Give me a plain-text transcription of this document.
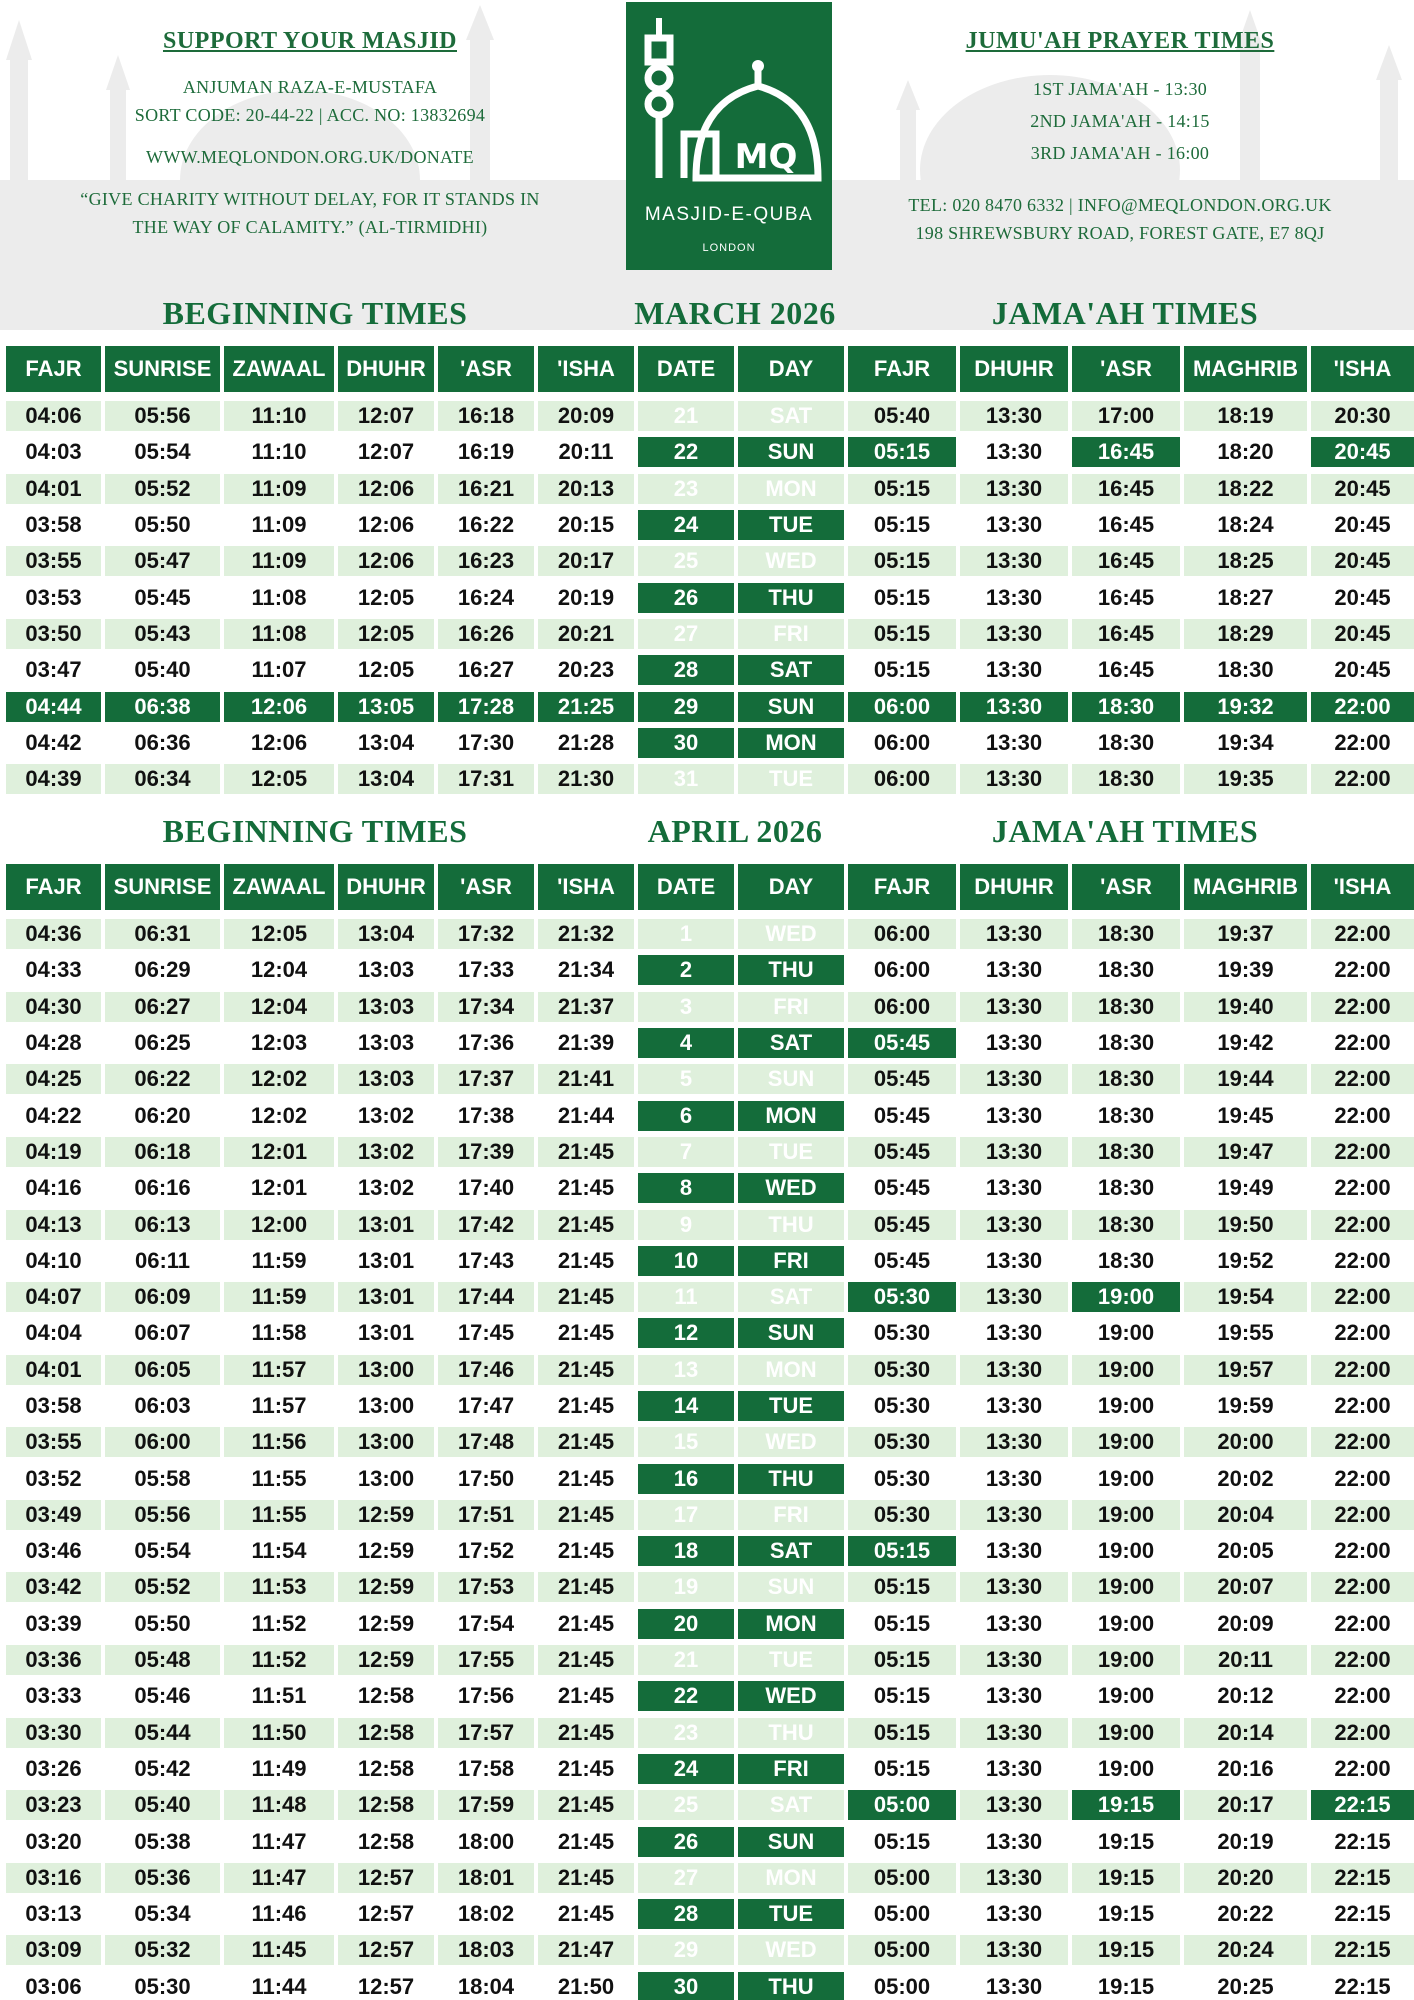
SUPPORT YOUR MASJID
ANJUMAN RAZA-E-MUSTAFA
SORT CODE: 20-44-22 | ACC. NO: 13832694
WWW.MEQLONDON.ORG.UK/DONATE
“GIVE CHARITY WITHOUT DELAY, FOR IT STANDS IN
THE WAY OF CALAMITY.” (AL-TIRMIDHI)
MQ
MASJID-E-QUBA
LONDON
JUMU'AH PRAYER TIMES
1ST JAMA'AH - 13:30
2ND JAMA'AH - 14:15
3RD JAMA'AH - 16:00
TEL: 020 8470 6332 | INFO@MEQLONDON.ORG.UK
198 SHREWSBURY ROAD, FOREST GATE, E7 8QJ
BEGINNING TIMES	MARCH 2026	JAMA'AH TIMES
FAJR	SUNRISE	ZAWAAL	DHUHR	'ASR	'ISHA	DATE	DAY	FAJR	DHUHR	'ASR	MAGHRIB	'ISHA

04:06	05:56	11:10	12:07	16:18	20:09	21	SAT	05:40	13:30	17:00	18:19	20:30

04:03	05:54	11:10	12:07	16:19	20:11	22	SUN	05:15	13:30	16:45	18:20	20:45

04:01	05:52	11:09	12:06	16:21	20:13	23	MON	05:15	13:30	16:45	18:22	20:45

03:58	05:50	11:09	12:06	16:22	20:15	24	TUE	05:15	13:30	16:45	18:24	20:45

03:55	05:47	11:09	12:06	16:23	20:17	25	WED	05:15	13:30	16:45	18:25	20:45

03:53	05:45	11:08	12:05	16:24	20:19	26	THU	05:15	13:30	16:45	18:27	20:45

03:50	05:43	11:08	12:05	16:26	20:21	27	FRI	05:15	13:30	16:45	18:29	20:45

03:47	05:40	11:07	12:05	16:27	20:23	28	SAT	05:15	13:30	16:45	18:30	20:45

04:44	06:38	12:06	13:05	17:28	21:25	29	SUN	06:00	13:30	18:30	19:32	22:00

04:42	06:36	12:06	13:04	17:30	21:28	30	MON	06:00	13:30	18:30	19:34	22:00

04:39	06:34	12:05	13:04	17:31	21:30	31	TUE	06:00	13:30	18:30	19:35	22:00
BEGINNING TIMES	APRIL 2026	JAMA'AH TIMES
FAJR	SUNRISE	ZAWAAL	DHUHR	'ASR	'ISHA	DATE	DAY	FAJR	DHUHR	'ASR	MAGHRIB	'ISHA

04:36	06:31	12:05	13:04	17:32	21:32	1	WED	06:00	13:30	18:30	19:37	22:00

04:33	06:29	12:04	13:03	17:33	21:34	2	THU	06:00	13:30	18:30	19:39	22:00

04:30	06:27	12:04	13:03	17:34	21:37	3	FRI	06:00	13:30	18:30	19:40	22:00

04:28	06:25	12:03	13:03	17:36	21:39	4	SAT	05:45	13:30	18:30	19:42	22:00

04:25	06:22	12:02	13:03	17:37	21:41	5	SUN	05:45	13:30	18:30	19:44	22:00

04:22	06:20	12:02	13:02	17:38	21:44	6	MON	05:45	13:30	18:30	19:45	22:00

04:19	06:18	12:01	13:02	17:39	21:45	7	TUE	05:45	13:30	18:30	19:47	22:00

04:16	06:16	12:01	13:02	17:40	21:45	8	WED	05:45	13:30	18:30	19:49	22:00

04:13	06:13	12:00	13:01	17:42	21:45	9	THU	05:45	13:30	18:30	19:50	22:00

04:10	06:11	11:59	13:01	17:43	21:45	10	FRI	05:45	13:30	18:30	19:52	22:00

04:07	06:09	11:59	13:01	17:44	21:45	11	SAT	05:30	13:30	19:00	19:54	22:00

04:04	06:07	11:58	13:01	17:45	21:45	12	SUN	05:30	13:30	19:00	19:55	22:00

04:01	06:05	11:57	13:00	17:46	21:45	13	MON	05:30	13:30	19:00	19:57	22:00

03:58	06:03	11:57	13:00	17:47	21:45	14	TUE	05:30	13:30	19:00	19:59	22:00

03:55	06:00	11:56	13:00	17:48	21:45	15	WED	05:30	13:30	19:00	20:00	22:00

03:52	05:58	11:55	13:00	17:50	21:45	16	THU	05:30	13:30	19:00	20:02	22:00

03:49	05:56	11:55	12:59	17:51	21:45	17	FRI	05:30	13:30	19:00	20:04	22:00

03:46	05:54	11:54	12:59	17:52	21:45	18	SAT	05:15	13:30	19:00	20:05	22:00

03:42	05:52	11:53	12:59	17:53	21:45	19	SUN	05:15	13:30	19:00	20:07	22:00

03:39	05:50	11:52	12:59	17:54	21:45	20	MON	05:15	13:30	19:00	20:09	22:00

03:36	05:48	11:52	12:59	17:55	21:45	21	TUE	05:15	13:30	19:00	20:11	22:00

03:33	05:46	11:51	12:58	17:56	21:45	22	WED	05:15	13:30	19:00	20:12	22:00

03:30	05:44	11:50	12:58	17:57	21:45	23	THU	05:15	13:30	19:00	20:14	22:00

03:26	05:42	11:49	12:58	17:58	21:45	24	FRI	05:15	13:30	19:00	20:16	22:00

03:23	05:40	11:48	12:58	17:59	21:45	25	SAT	05:00	13:30	19:15	20:17	22:15

03:20	05:38	11:47	12:58	18:00	21:45	26	SUN	05:15	13:30	19:15	20:19	22:15

03:16	05:36	11:47	12:57	18:01	21:45	27	MON	05:00	13:30	19:15	20:20	22:15

03:13	05:34	11:46	12:57	18:02	21:45	28	TUE	05:00	13:30	19:15	20:22	22:15

03:09	05:32	11:45	12:57	18:03	21:47	29	WED	05:00	13:30	19:15	20:24	22:15

03:06	05:30	11:44	12:57	18:04	21:50	30	THU	05:00	13:30	19:15	20:25	22:15
